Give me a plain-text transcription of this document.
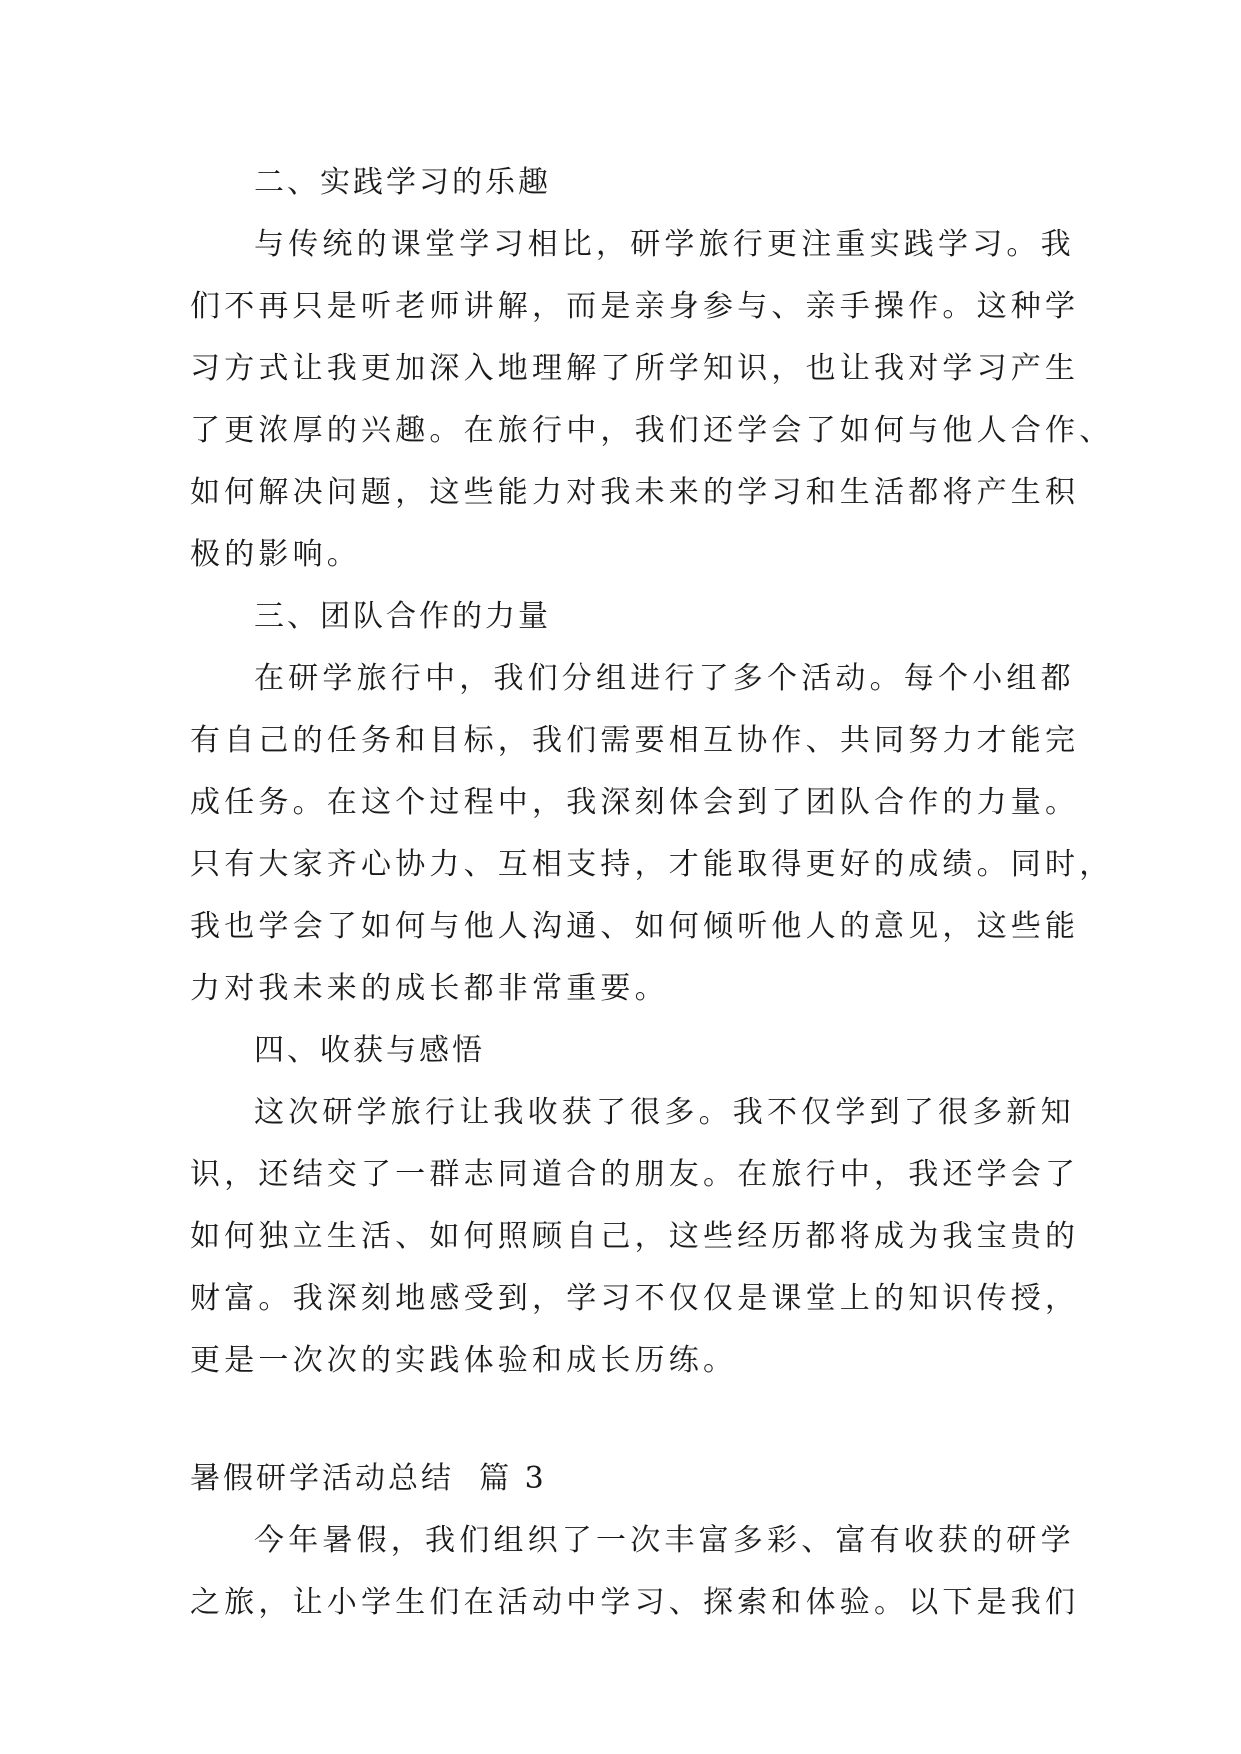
二、实践学习的乐趣
与传统的课堂学习相比，研学旅行更注重实践学习。我
们不再只是听老师讲解，而是亲身参与、亲手操作。这种学
习方式让我更加深入地理解了所学知识，也让我对学习产生
了更浓厚的兴趣。在旅行中，我们还学会了如何与他人合作、
如何解决问题，这些能力对我未来的学习和生活都将产生积
极的影响。
三、团队合作的力量
在研学旅行中，我们分组进行了多个活动。每个小组都
有自己的任务和目标，我们需要相互协作、共同努力才能完
成任务。在这个过程中，我深刻体会到了团队合作的力量。
只有大家齐心协力、互相支持，才能取得更好的成绩。同时，
我也学会了如何与他人沟通、如何倾听他人的意见，这些能
力对我未来的成长都非常重要。
四、收获与感悟
这次研学旅行让我收获了很多。我不仅学到了很多新知
识，还结交了一群志同道合的朋友。在旅行中，我还学会了
如何独立生活、如何照顾自己，这些经历都将成为我宝贵的
财富。我深刻地感受到，学习不仅仅是课堂上的知识传授，
更是一次次的实践体验和成长历练。
暑假研学活动总结  篇 3
今年暑假，我们组织了一次丰富多彩、富有收获的研学
之旅，让小学生们在活动中学习、探索和体验。以下是我们
